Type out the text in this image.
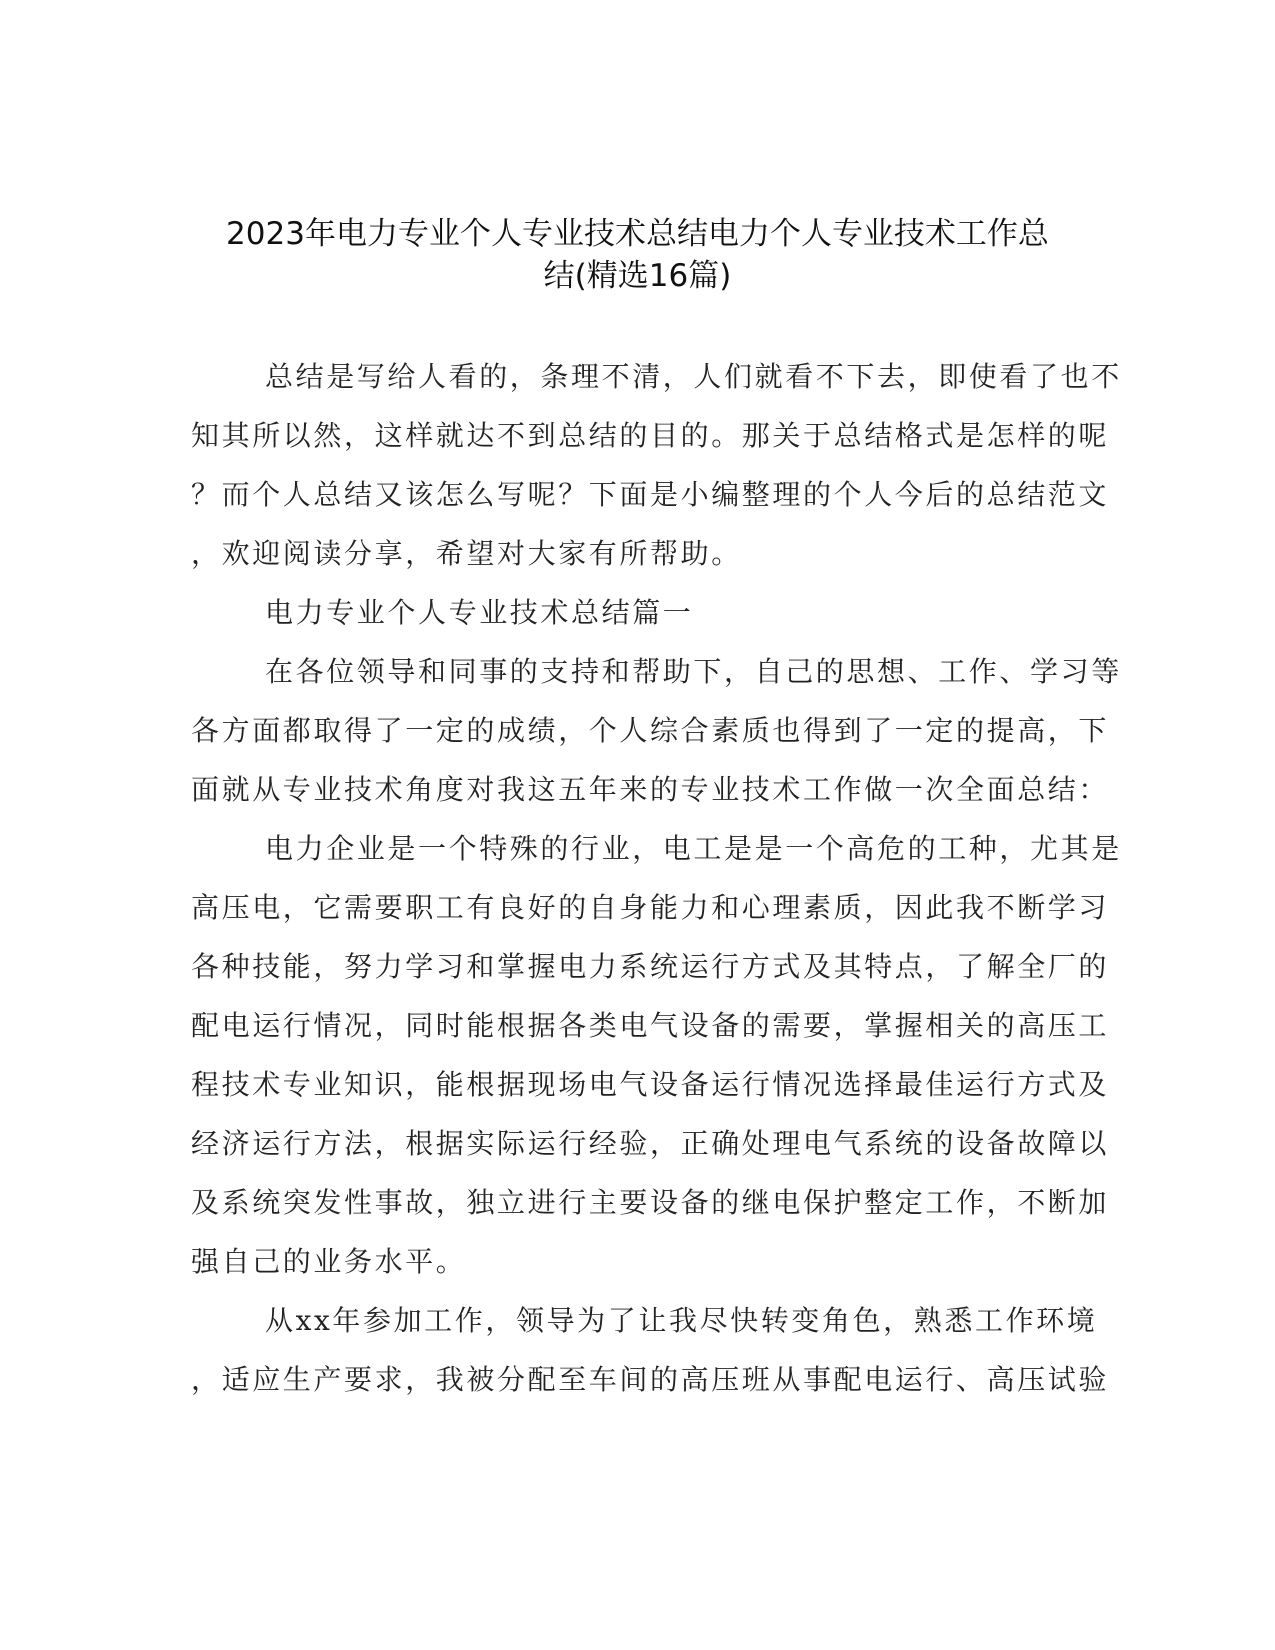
2023年电力专业个人专业技术总结电力个人专业技术工作总
结(精选16篇)
总结是写给人看的，条理不清，人们就看不下去，即使看了也不
知其所以然，这样就达不到总结的目的。那关于总结格式是怎样的呢
？而个人总结又该怎么写呢？下面是小编整理的个人今后的总结范文
，欢迎阅读分享，希望对大家有所帮助。
电力专业个人专业技术总结篇一
在各位领导和同事的支持和帮助下，自己的思想、工作、学习等
各方面都取得了一定的成绩，个人综合素质也得到了一定的提高，下
面就从专业技术角度对我这五年来的专业技术工作做一次全面总结：
电力企业是一个特殊的行业，电工是是一个高危的工种，尤其是
高压电，它需要职工有良好的自身能力和心理素质，因此我不断学习
各种技能，努力学习和掌握电力系统运行方式及其特点，了解全厂的
配电运行情况，同时能根据各类电气设备的需要，掌握相关的高压工
程技术专业知识，能根据现场电气设备运行情况选择最佳运行方式及
经济运行方法，根据实际运行经验，正确处理电气系统的设备故障以
及系统突发性事故，独立进行主要设备的继电保护整定工作，不断加
强自己的业务水平。
从xx年参加工作，领导为了让我尽快转变角色，熟悉工作环境
，适应生产要求，我被分配至车间的高压班从事配电运行、高压试验
